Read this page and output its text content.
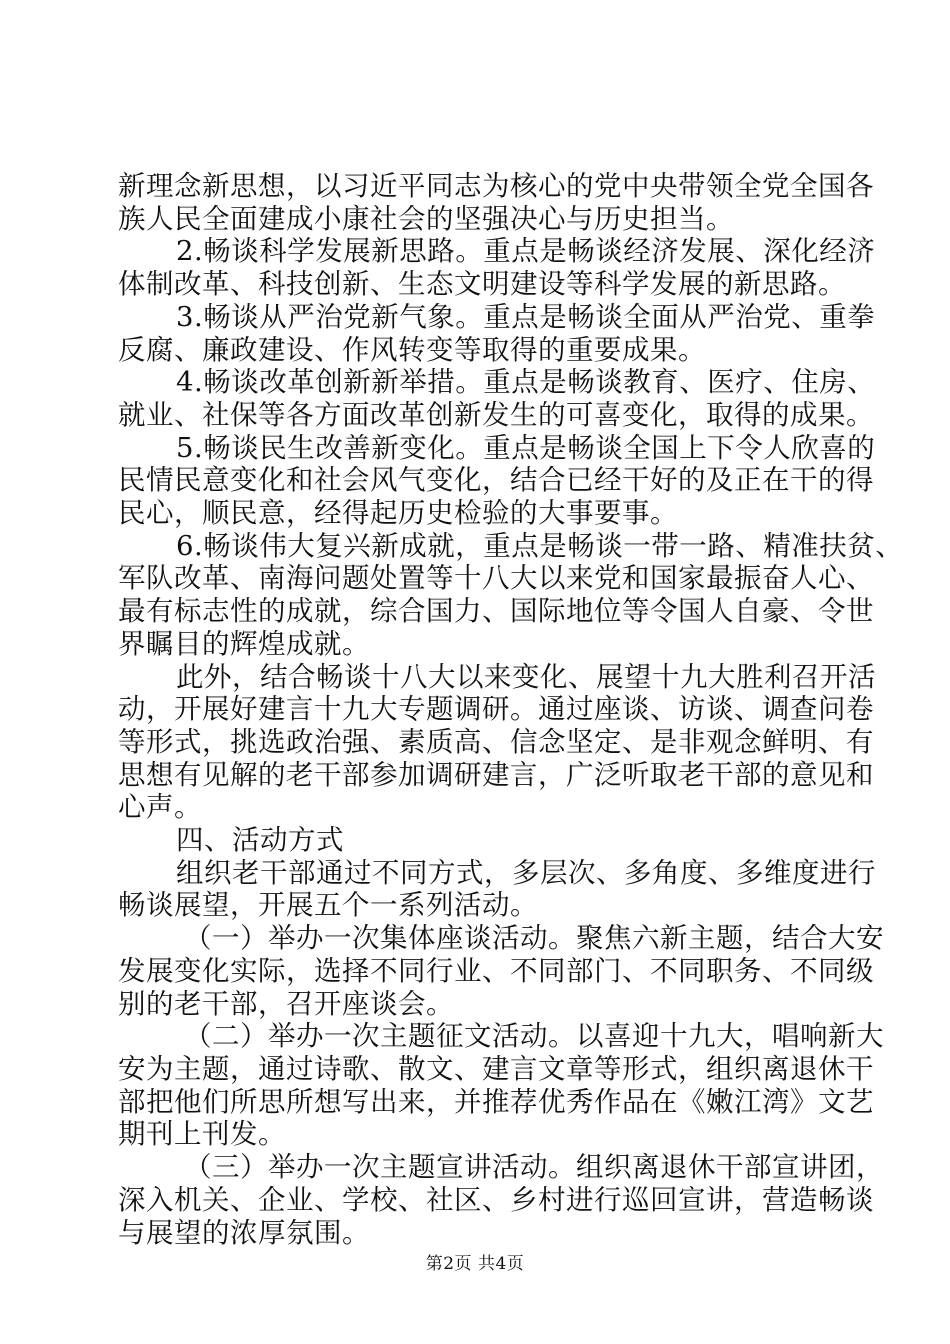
新理念新思想，以习近平同志为核心的党中央带领全党全国各
族人民全面建成小康社会的坚强决心与历史担当。
2.畅谈科学发展新思路。重点是畅谈经济发展、深化经济
体制改革、科技创新、生态文明建设等科学发展的新思路。
3.畅谈从严治党新气象。重点是畅谈全面从严治党、重拳
反腐、廉政建设、作风转变等取得的重要成果。
4.畅谈改革创新新举措。重点是畅谈教育、医疗、住房、
就业、社保等各方面改革创新发生的可喜变化，取得的成果。
5.畅谈民生改善新变化。重点是畅谈全国上下令人欣喜的
民情民意变化和社会风气变化，结合已经干好的及正在干的得
民心，顺民意，经得起历史检验的大事要事。
6.畅谈伟大复兴新成就，重点是畅谈一带一路、精准扶贫、
军队改革、南海问题处置等十八大以来党和国家最振奋人心、
最有标志性的成就，综合国力、国际地位等令国人自豪、令世
界瞩目的辉煌成就。
此外，结合畅谈十八大以来变化、展望十九大胜利召开活
动，开展好建言十九大专题调研。通过座谈、访谈、调查问卷
等形式，挑选政治强、素质高、信念坚定、是非观念鲜明、有
思想有见解的老干部参加调研建言，广泛听取老干部的意见和
心声。
四、活动方式
组织老干部通过不同方式，多层次、多角度、多维度进行
畅谈展望，开展五个一系列活动。
（一）举办一次集体座谈活动。聚焦六新主题，结合大安
发展变化实际，选择不同行业、不同部门、不同职务、不同级
别的老干部，召开座谈会。
（二）举办一次主题征文活动。以喜迎十九大，唱响新大
安为主题，通过诗歌、散文、建言文章等形式，组织离退休干
部把他们所思所想写出来，并推荐优秀作品在《嫩江湾》文艺
期刊上刊发。
（三）举办一次主题宣讲活动。组织离退休干部宣讲团，
深入机关、企业、学校、社区、乡村进行巡回宣讲，营造畅谈
与展望的浓厚氛围。
第2页 共4页
